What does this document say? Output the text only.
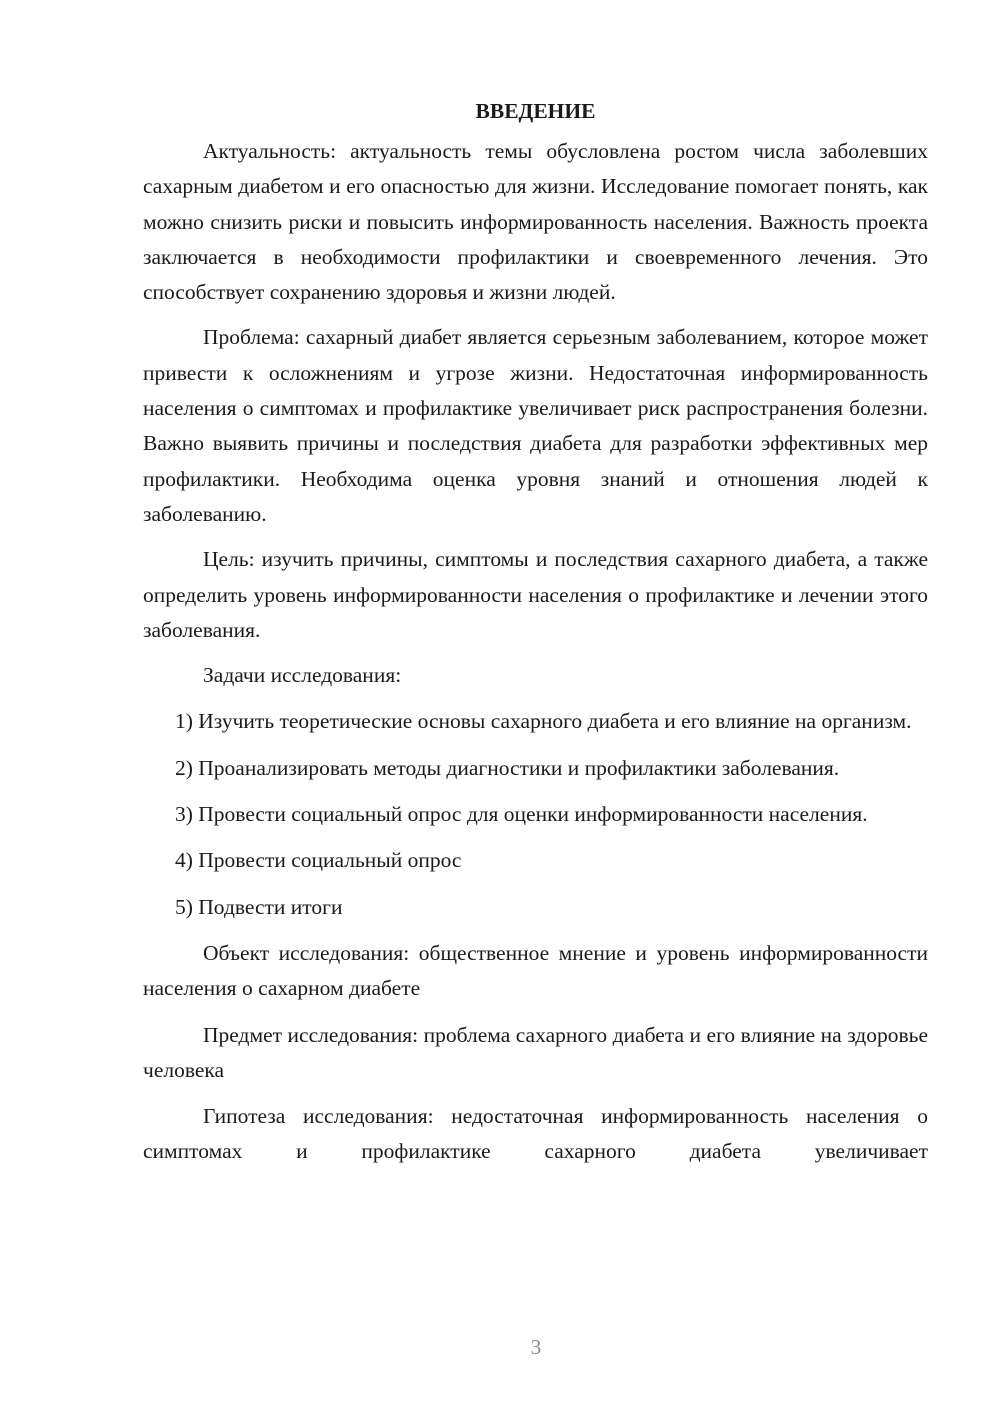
ВВЕДЕНИЕ

Актуальность: актуальность темы обусловлена ростом числа заболевших сахарным диабетом и его опасностью для жизни. Исследование помогает понять, как можно снизить риски и повысить информированность населения. Важность проекта заключается в необходимости профилактики и своевременного лечения. Это способствует сохранению здоровья и жизни людей.

Проблема: сахарный диабет является серьезным заболеванием, которое может привести к осложнениям и угрозе жизни. Недостаточная информированность населения о симптомах и профилактике увеличивает риск распространения болезни. Важно выявить причины и последствия диабета для разработки эффективных мер профилактики. Необходима оценка уровня знаний и отношения людей к заболеванию.

Цель: изучить причины, симптомы и последствия сахарного диабета, а также определить уровень информированности населения о профилактике и лечении этого заболевания.

Задачи исследования:

1) Изучить теоретические основы сахарного диабета и его влияние на организм.

2) Проанализировать методы диагностики и профилактики заболевания.

3) Провести социальный опрос для оценки информированности населения.

4) Провести социальный опрос

5) Подвести итоги

Объект исследования: общественное мнение и уровень информированности населения о сахарном диабете

Предмет исследования: проблема сахарного диабета и его влияние на здоровье человека

Гипотеза исследования: недостаточная информированность населения о симптомах и профилактике сахарного диабета увеличивает

3
